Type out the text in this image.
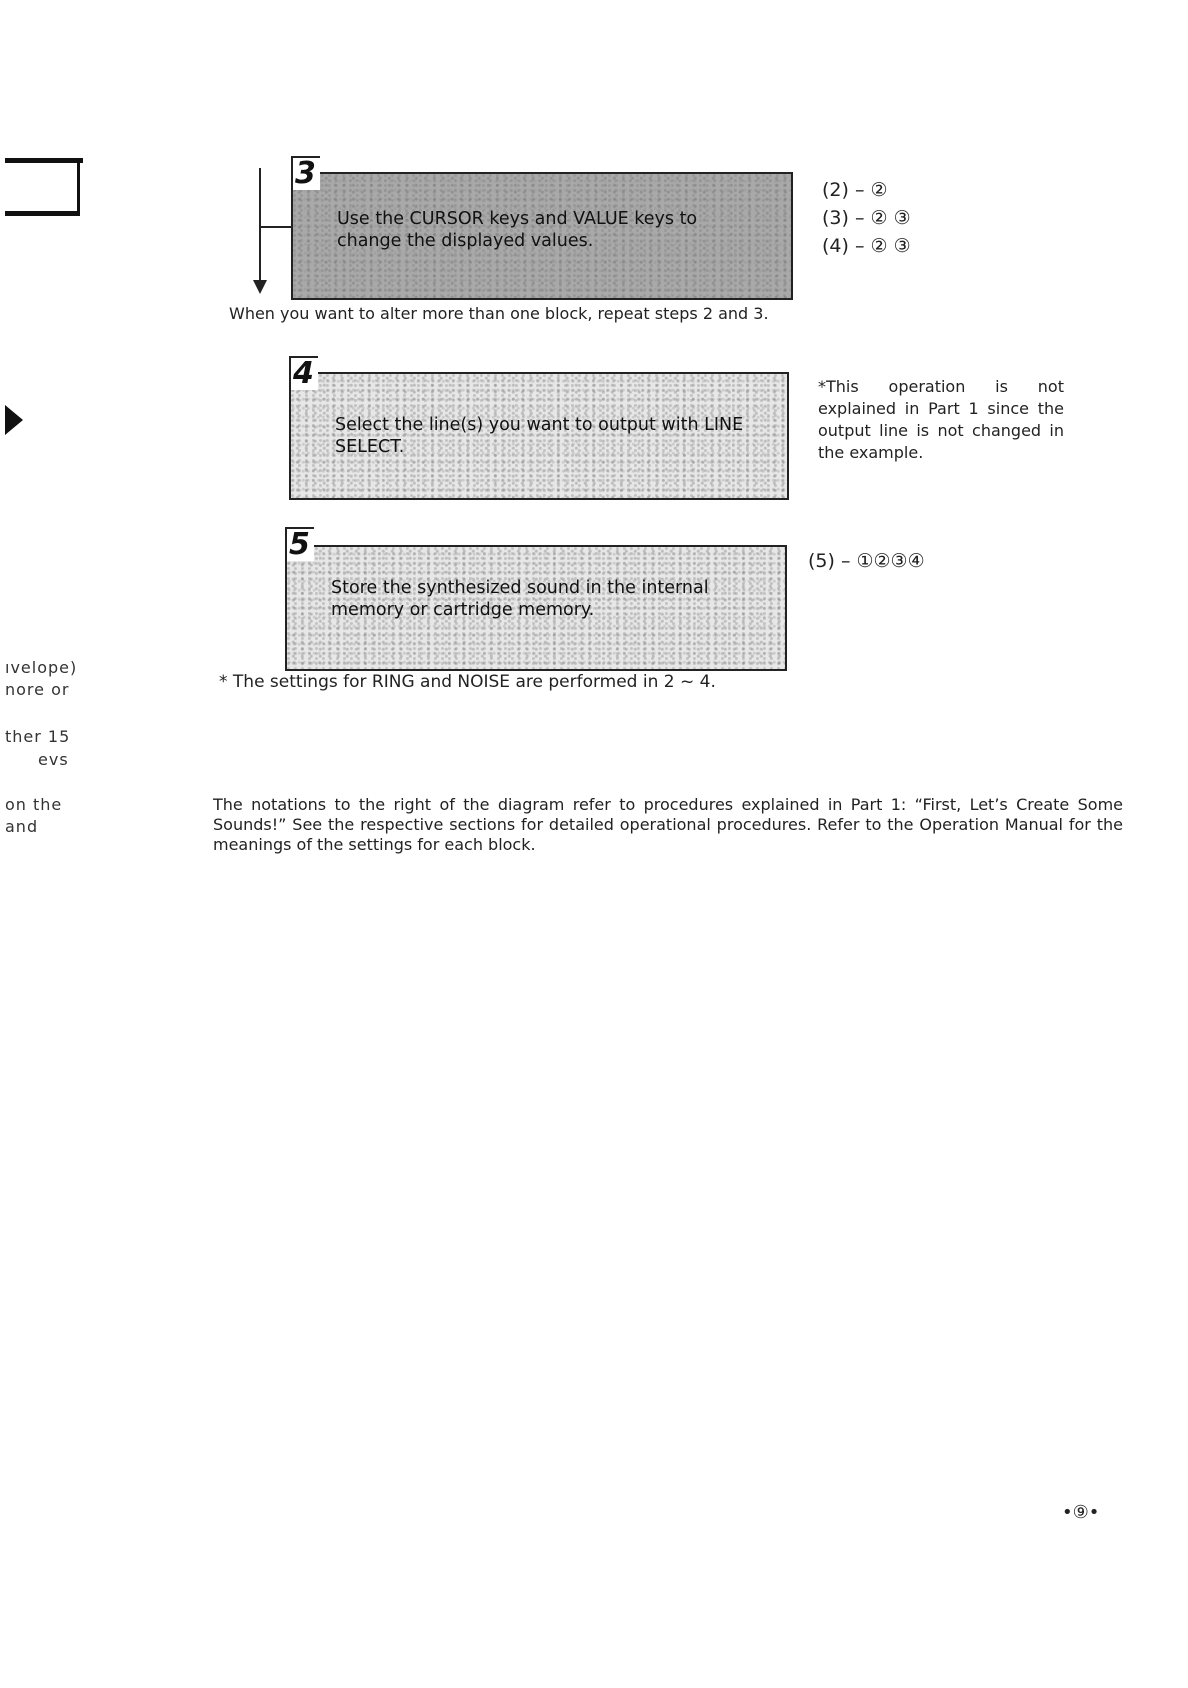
ıvelope)
nore or
ther 15
evs
on the
and
3
Use the CURSOR keys and VALUE keys to change the displayed values.
When you want to alter more than one block, repeat steps 2 and 3.
(2) – ②
(3) – ② ③
(4) – ② ③
4
Select the line(s) you want to output with LINE SELECT.
*This operation is not explained in Part 1 since the output line is not changed in the example.
5
Store the synthesized sound in the internal memory or cartridge memory.
(5) – ①②③④
* The settings for RING and NOISE are performed in 2 ~ 4.
The notations to the right of the diagram refer to procedures explained in Part 1: “First, Let’s Create Some Sounds!” See the respective sections for detailed operational procedures. Refer to the Operation Manual for the meanings of the settings for each block.
•⑨•
